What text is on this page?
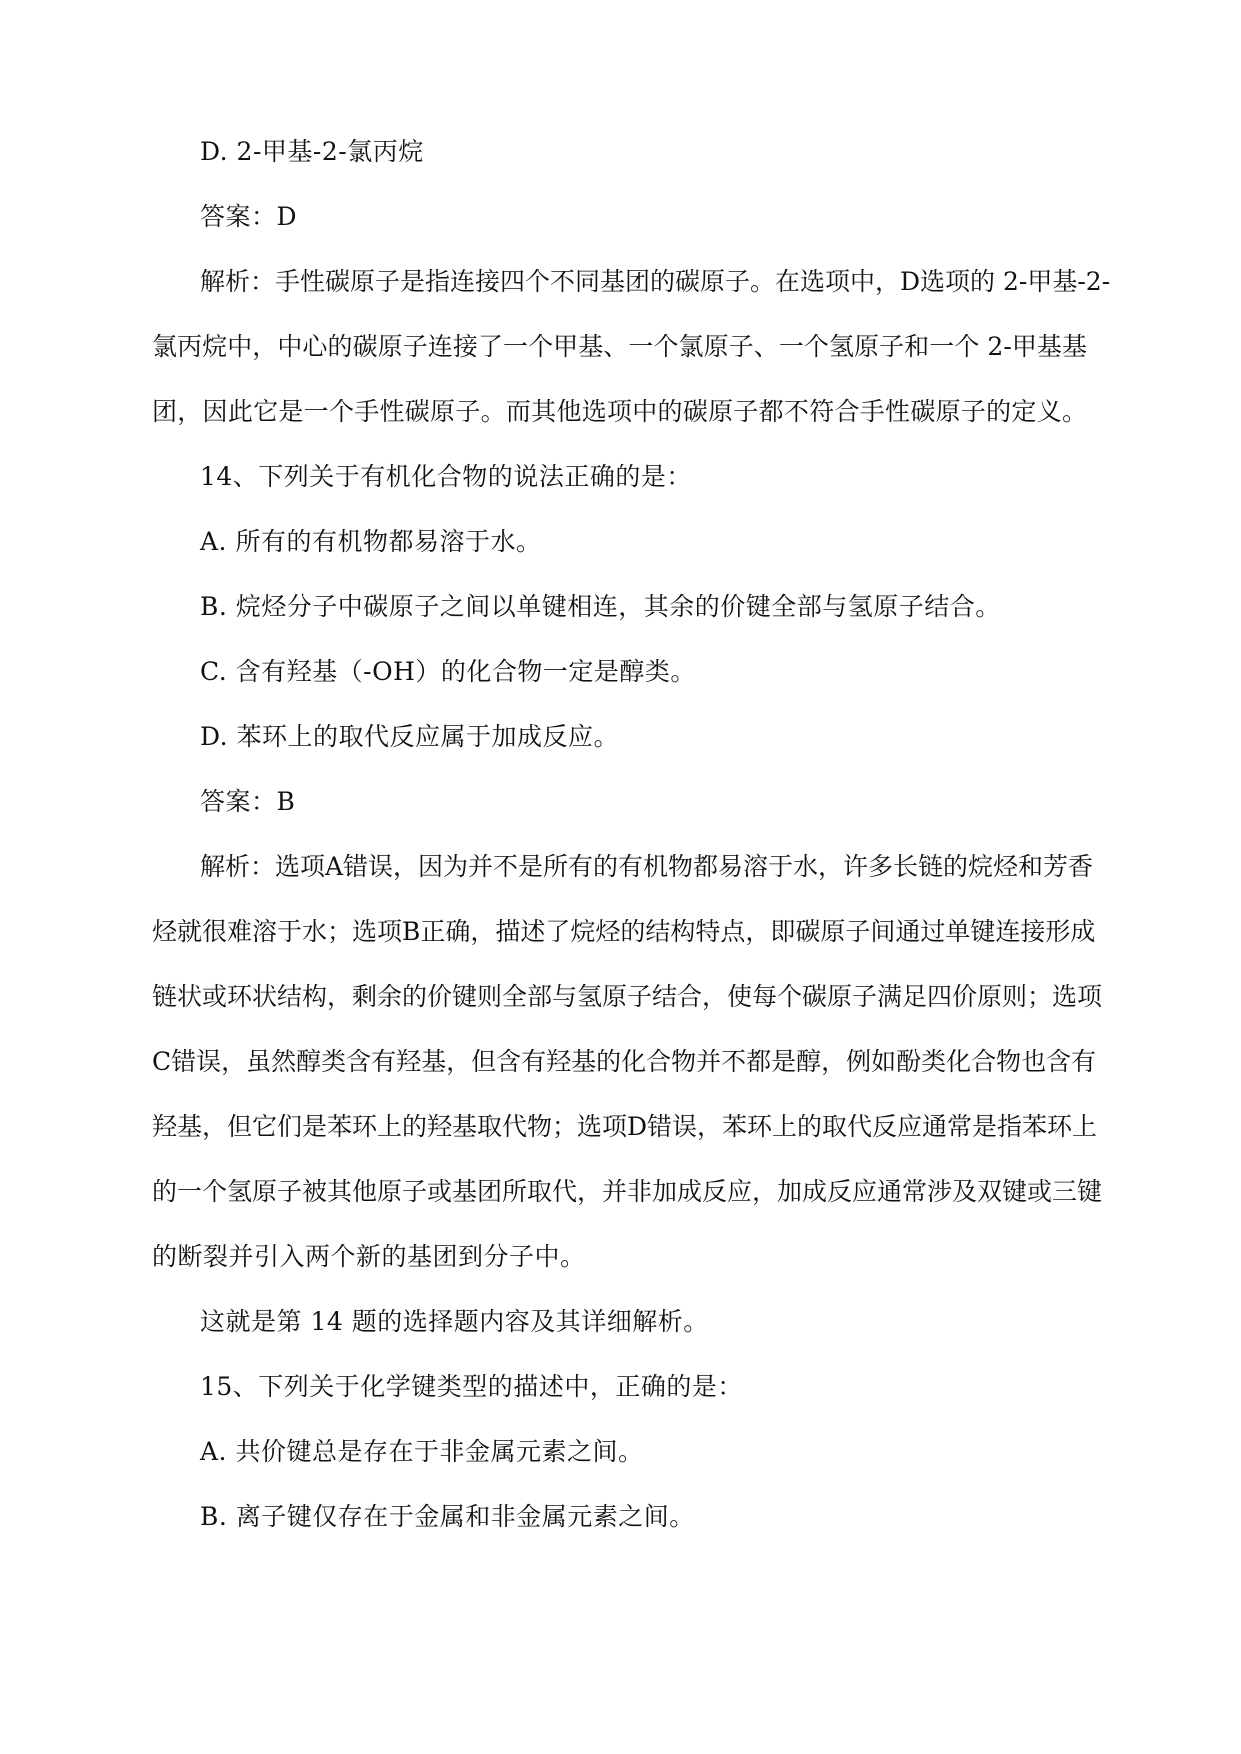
D. 2-甲基-2-氯丙烷
答案：D
解析：手性碳原子是指连接四个不同基团的碳原子。在选项中，D选项的 2-甲基-2-
氯丙烷中，中心的碳原子连接了一个甲基、一个氯原子、一个氢原子和一个 2-甲基基
团，因此它是一个手性碳原子。而其他选项中的碳原子都不符合手性碳原子的定义。
14、下列关于有机化合物的说法正确的是：
A. 所有的有机物都易溶于水。
B. 烷烃分子中碳原子之间以单键相连，其余的价键全部与氢原子结合。
C. 含有羟基（-OH）的化合物一定是醇类。
D. 苯环上的取代反应属于加成反应。
答案：B
解析：选项A错误，因为并不是所有的有机物都易溶于水，许多长链的烷烃和芳香
烃就很难溶于水；选项B正确，描述了烷烃的结构特点，即碳原子间通过单键连接形成
链状或环状结构，剩余的价键则全部与氢原子结合，使每个碳原子满足四价原则；选项
C错误，虽然醇类含有羟基，但含有羟基的化合物并不都是醇，例如酚类化合物也含有
羟基，但它们是苯环上的羟基取代物；选项D错误，苯环上的取代反应通常是指苯环上
的一个氢原子被其他原子或基团所取代，并非加成反应，加成反应通常涉及双键或三键
的断裂并引入两个新的基团到分子中。
这就是第 14 题的选择题内容及其详细解析。
15、下列关于化学键类型的描述中，正确的是：
A. 共价键总是存在于非金属元素之间。
B. 离子键仅存在于金属和非金属元素之间。
